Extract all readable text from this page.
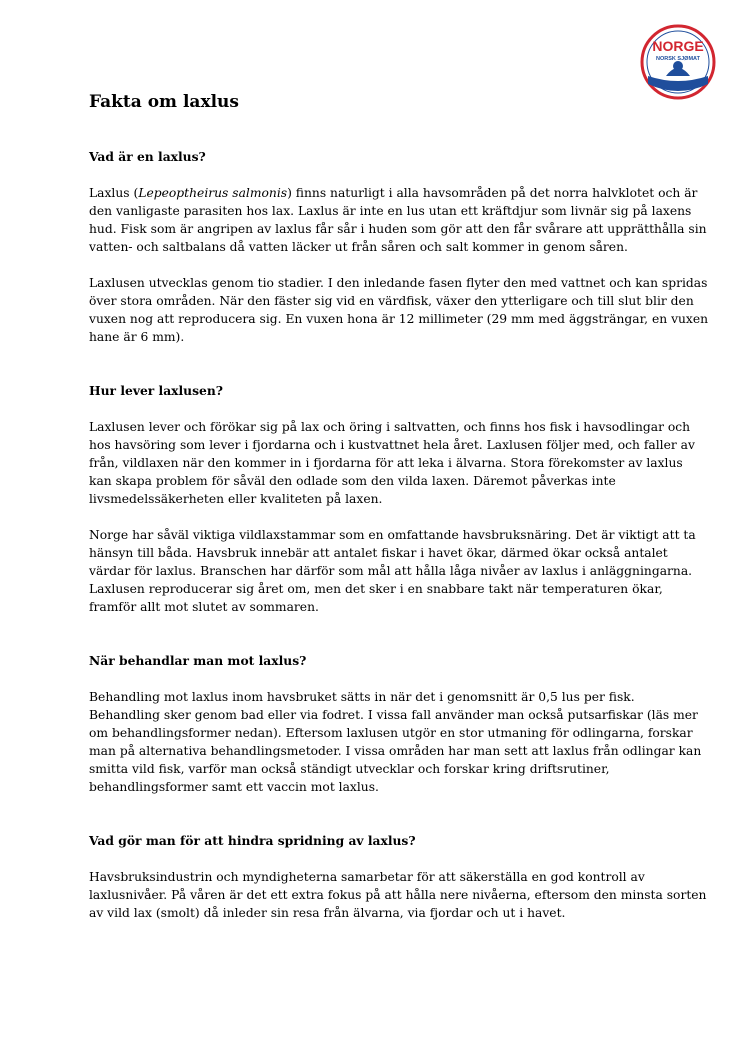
NORGE
NORSK SJØMAT
Fakta om laxlus
Vad är en laxlus?

Laxlus (Lepeoptheirus salmonis) finns naturligt i alla havsområden på det norra halvklotet och är den vanligaste parasiten hos lax. Laxlus är inte en lus utan ett kräftdjur som livnär sig på laxens hud. Fisk som är angripen av laxlus får sår i huden som gör att den får svårare att upprätthålla sin vatten- och saltbalans då vatten läcker ut från såren och salt kommer in genom såren.

Laxlusen utvecklas genom tio stadier. I den inledande fasen flyter den med vattnet och kan spridas över stora områden. När den fäster sig vid en värdfisk, växer den ytterligare och till slut blir den vuxen nog att reproducera sig. En vuxen hona är 12 millimeter (29 mm med äggsträngar, en vuxen hane är 6 mm).

Hur lever laxlusen?

Laxlusen lever och förökar sig på lax och öring i saltvatten, och finns hos fisk i havsodlingar och hos havsöring som lever i fjordarna och i kustvattnet hela året. Laxlusen följer med, och faller av från, vildlaxen när den kommer in i fjordarna för att leka i älvarna. Stora förekomster av laxlus kan skapa problem för såväl den odlade som den vilda laxen. Däremot påverkas inte livsmedelssäkerheten eller kvaliteten på laxen.

Norge har såväl viktiga vildlaxstammar som en omfattande havsbruksnäring. Det är viktigt att ta hänsyn till båda. Havsbruk innebär att antalet fiskar i havet ökar, därmed ökar också antalet värdar för laxlus. Branschen har därför som mål att hålla låga nivåer av laxlus i anläggningarna. Laxlusen reproducerar sig året om, men det sker i en snabbare takt när temperaturen ökar, framför allt mot slutet av sommaren.

När behandlar man mot laxlus?

Behandling mot laxlus inom havsbruket sätts in när det i genomsnitt är 0,5 lus per fisk. Behandling sker genom bad eller via fodret. I vissa fall använder man också putsarfiskar (läs mer om behandlingsformer nedan). Eftersom laxlusen utgör en stor utmaning för odlingarna, forskar man på alternativa behandlingsmetoder. I vissa områden har man sett att laxlus från odlingar kan smitta vild fisk, varför man också ständigt utvecklar och forskar kring driftsrutiner, behandlingsformer samt ett vaccin mot laxlus.

Vad gör man för att hindra spridning av laxlus?

Havsbruksindustrin och myndigheterna samarbetar för att säkerställa en god kontroll av laxlusnivåer. På våren är det ett extra fokus på att hålla nere nivåerna, eftersom den minsta sorten av vild lax (smolt) då inleder sin resa från älvarna, via fjordar och ut i havet.
